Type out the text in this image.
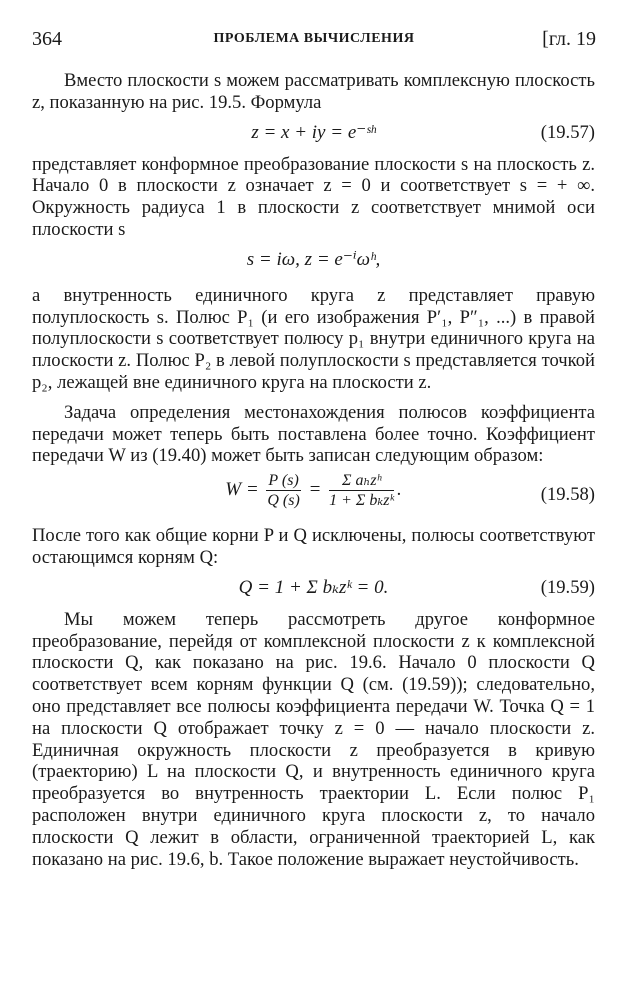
364	ПРОБЛЕМА ВЫЧИСЛЕНИЯ	[гл. 19

Вместо плоскости s можем рассматривать комплексную плоскость z, показанную на рис. 19.5. Формула

z = x + iy = e⁻ˢʰ	(19.57)

представляет конформное преобразование плоскости s на плоскость z. Начало 0 в плоскости z означает z = 0 и соответствует s = + ∞. Окружность радиуса 1 в плоскости z соответствует мнимой оси плоскости s

s = iω, z = e⁻ⁱωʰ,

а внутренность единичного круга z представляет правую полуплоскость s. Полюс P₁ (и его изображения P′₁, P″₁, ...) в правой полуплоскости s соответствует полюсу p₁ внутри единичного круга на плоскости z. Полюс P₂ в левой полуплоскости s представляется точкой p₂, лежащей вне единичного круга на плоскости z.

Задача определения местонахождения полюсов коэффициента передачи может теперь быть поставлена более точно. Коэффициент передачи W из (19.40) может быть записан следующим образом:

$W = \frac{P (s)}{Q (s)} = \frac{\text{Σ aₕzʰ}}{\text{1 + Σ bₖzᵏ}}$ .	(19.58)

После того как общие корни P и Q исключены, полюсы соответствуют остающимся корням Q:

Q = 1 + Σ bₖzᵏ = 0.	(19.59)

Мы можем теперь рассмотреть другое конформное преобразование, перейдя от комплексной плоскости z к комплексной плоскости Q, как показано на рис. 19.6. Начало 0 плоскости Q соответствует всем корням функции Q (см. (19.59)); следовательно, оно представляет все полюсы коэффициента передачи W. Точка Q = 1 на плоскости Q отображает точку z = 0 — начало плоскости z. Единичная окружность плоскости z преобразуется в кривую (траекторию) L на плоскости Q, и внутренность единичного круга преобразуется во внутренность траектории L. Если полюс P₁ расположен внутри единичного круга плоскости z, то начало плоскости Q лежит в области, ограниченной траекторией L, как показано на рис. 19.6, b. Такое положение выражает неустойчивость.
